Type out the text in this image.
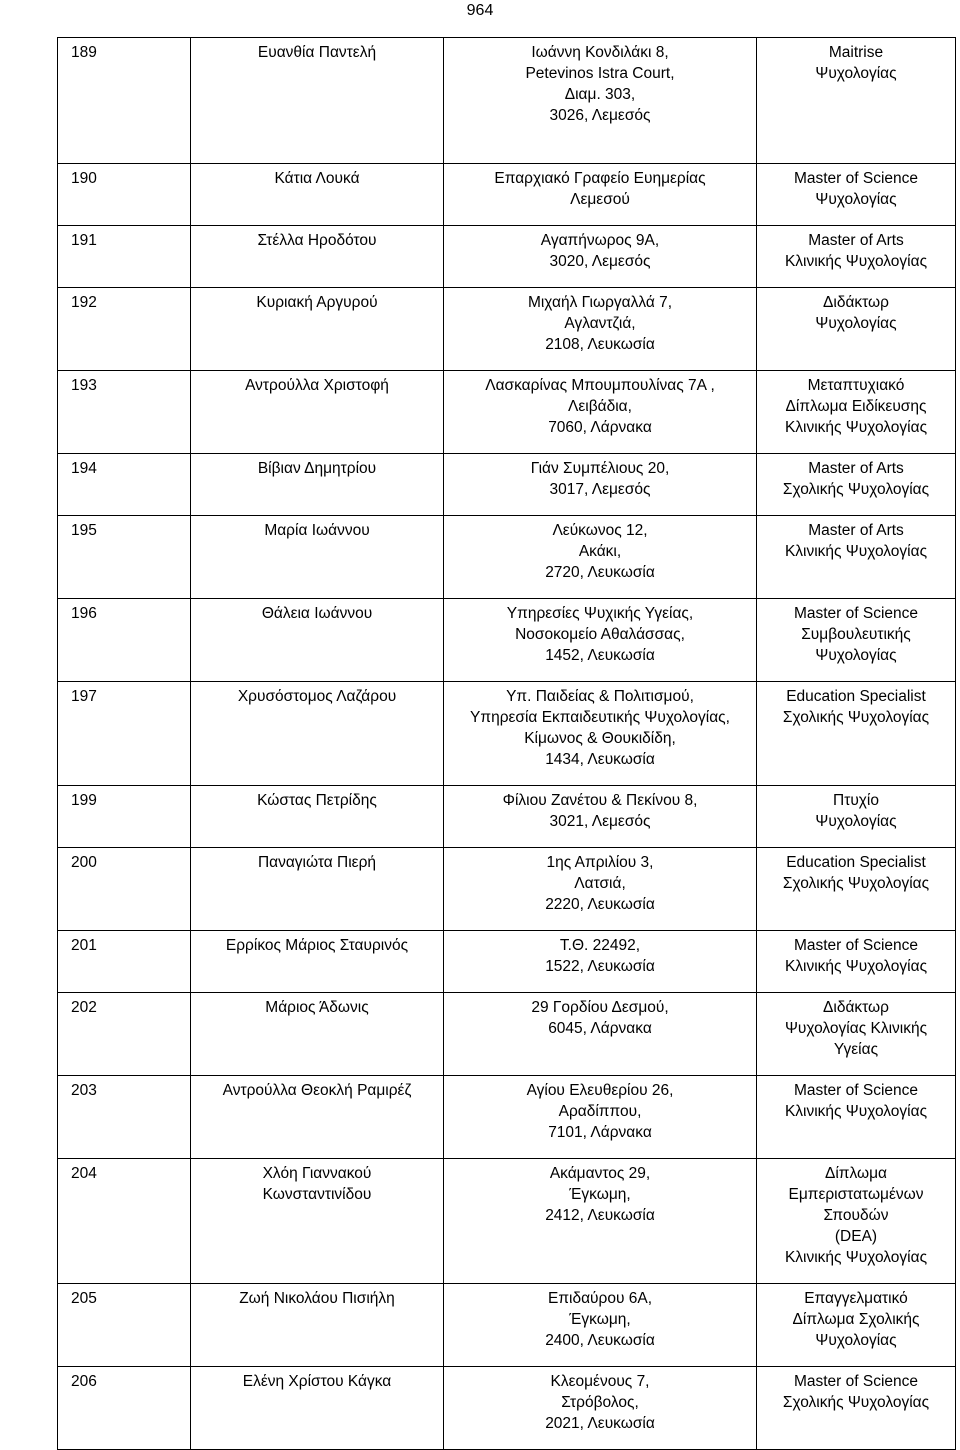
964
189	Ευανθία Παντελή	Ιωάννη Κονδιλάκι 8,
Petevinos Istra Court,
Διαμ. 303,
3026, Λεμεσός	Maitrise
Ψυχολογίας

190	Κάτια Λουκά	Επαρχιακό Γραφείο Ευημερίας
Λεμεσού	Master of Science
Ψυχολογίας

191	Στέλλα Ηροδότου	Αγαπήνωρος 9Α,
3020, Λεμεσός	Master of Arts
Κλινικής Ψυχολογίας

192	Κυριακή Αργυρού	Μιχαήλ Γιωργαλλά 7,
Αγλαντζιά,
2108, Λευκωσία	Διδάκτωρ
Ψυχολογίας

193	Αντρούλλα Χριστοφή	Λασκαρίνας Μπουμπουλίνας 7Α ,
Λειβάδια,
7060, Λάρνακα	Μεταπτυχιακό
Δίπλωμα Ειδίκευσης
Κλινικής Ψυχολογίας

194	Βίβιαν Δημητρίου	Γιάν Συμπέλιους 20,
3017, Λεμεσός	Master of Arts
Σχολικής Ψυχολογίας

195	Μαρία Ιωάννου	Λεύκωνος 12,
Ακάκι,
2720, Λευκωσία	Master of Arts
Κλινικής Ψυχολογίας

196	Θάλεια Ιωάννου	Υπηρεσίες Ψυχικής Υγείας,
Νοσοκομείο Αθαλάσσας,
1452, Λευκωσία	Master of Science
Συμβουλευτικής
Ψυχολογίας

197	Χρυσόστομος Λαζάρου	Υπ. Παιδείας & Πολιτισμού,
Υπηρεσία Εκπαιδευτικής Ψυχολογίας,
Κίμωνος & Θουκιδίδη,
1434, Λευκωσία	Education Specialist
Σχολικής Ψυχολογίας

199	Κώστας Πετρίδης	Φίλιου Ζανέτου & Πεκίνου 8,
3021, Λεμεσός	Πτυχίο
Ψυχολογίας

200	Παναγιώτα Πιερή	1ης Απριλίου 3,
Λατσιά,
2220, Λευκωσία	Education Specialist
Σχολικής Ψυχολογίας

201	Ερρίκος Μάριος Σταυρινός	Τ.Θ. 22492,
1522, Λευκωσία	Master of Science
Κλινικής Ψυχολογίας

202	Μάριος Άδωνις	29 Γορδίου Δεσμού,
6045, Λάρνακα	Διδάκτωρ
Ψυχολογίας Κλινικής
Υγείας

203	Αντρούλλα Θεοκλή Ραμιρέζ	Αγίου Ελευθερίου 26,
Αραδίππου,
7101, Λάρνακα	Master of Science
Κλινικής Ψυχολογίας

204	Χλόη Γιαννακού
Κωνσταντινίδου	Ακάμαντος 29,
Έγκωμη,
2412, Λευκωσία	Δίπλωμα
Εμπεριστατωμένων
Σπουδών
(DEA)
Κλινικής Ψυχολογίας

205	Ζωή Νικολάου Πισιήλη	Επιδαύρου 6Α,
Έγκωμη,
2400, Λευκωσία	Επαγγελματικό
Δίπλωμα Σχολικής
Ψυχολογίας

206	Ελένη Χρίστου Κάγκα	Κλεομένους 7,
Στρόβολος,
2021, Λευκωσία	Master of Science
Σχολικής Ψυχολογίας
